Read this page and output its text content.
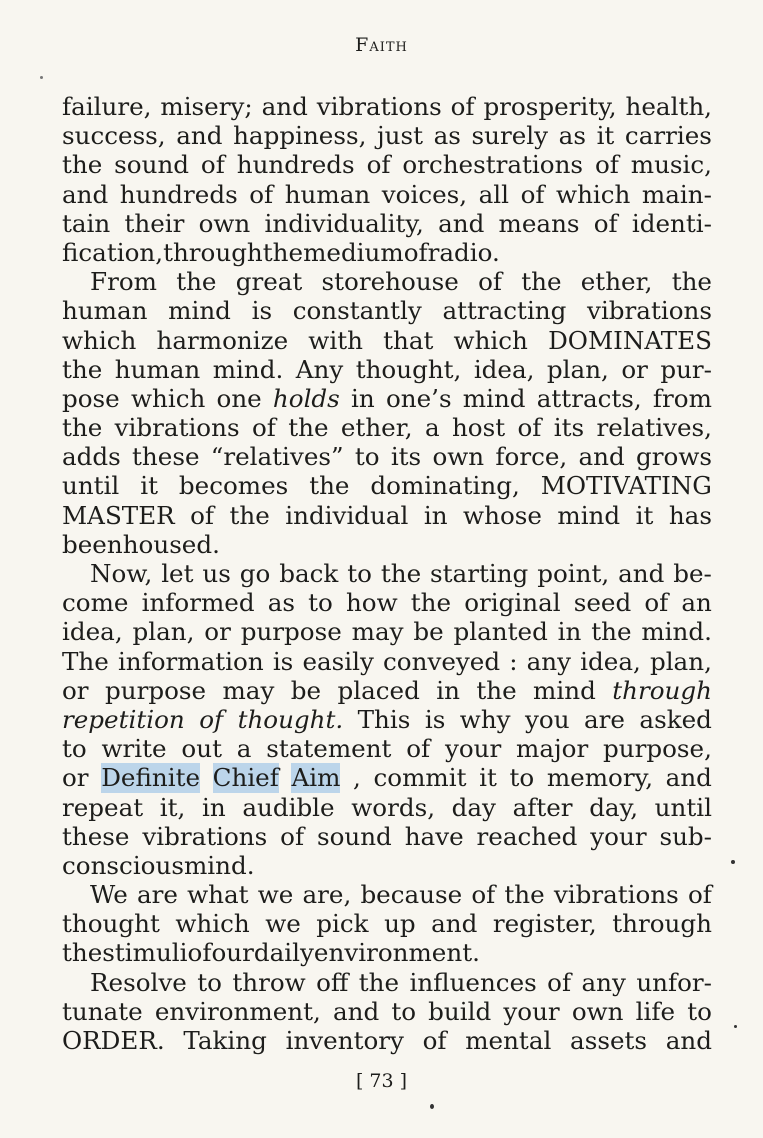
Faith
failure, misery; and vibrations of prosperity, health,
success, and happiness, just as surely as it carries
the sound of hundreds of orchestrations of music,
and hundreds of human voices, all of which main-
tain their own individuality, and means of identi-
fication, through the medium of radio.
From the great storehouse of the ether, the
human mind is constantly attracting vibrations
which harmonize with that which DOMINATES
the human mind. Any thought, idea, plan, or pur-
pose which one holds in one’s mind attracts, from
the vibrations of the ether, a host of its relatives,
adds these “relatives” to its own force, and grows
until it becomes the dominating, MOTIVATING
MASTER of the individual in whose mind it has
been housed.
Now, let us go back to the starting point, and be-
come informed as to how the original seed of an
idea, plan, or purpose may be planted in the mind.
The information is easily conveyed : any idea, plan,
or purpose may be placed in the mind through
repetition of thought. This is why you are asked
to write out a statement of your major purpose,
or Definite Chief Aim , commit it to memory, and
repeat it, in audible words, day after day, until
these vibrations of sound have reached your sub-
conscious mind.
We are what we are, because of the vibrations of
thought which we pick up and register, through
the stimuli of our daily environment.
Resolve to throw off the influences of any unfor-
tunate environment, and to build your own life to
ORDER. Taking inventory of mental assets and
[ 73 ]
